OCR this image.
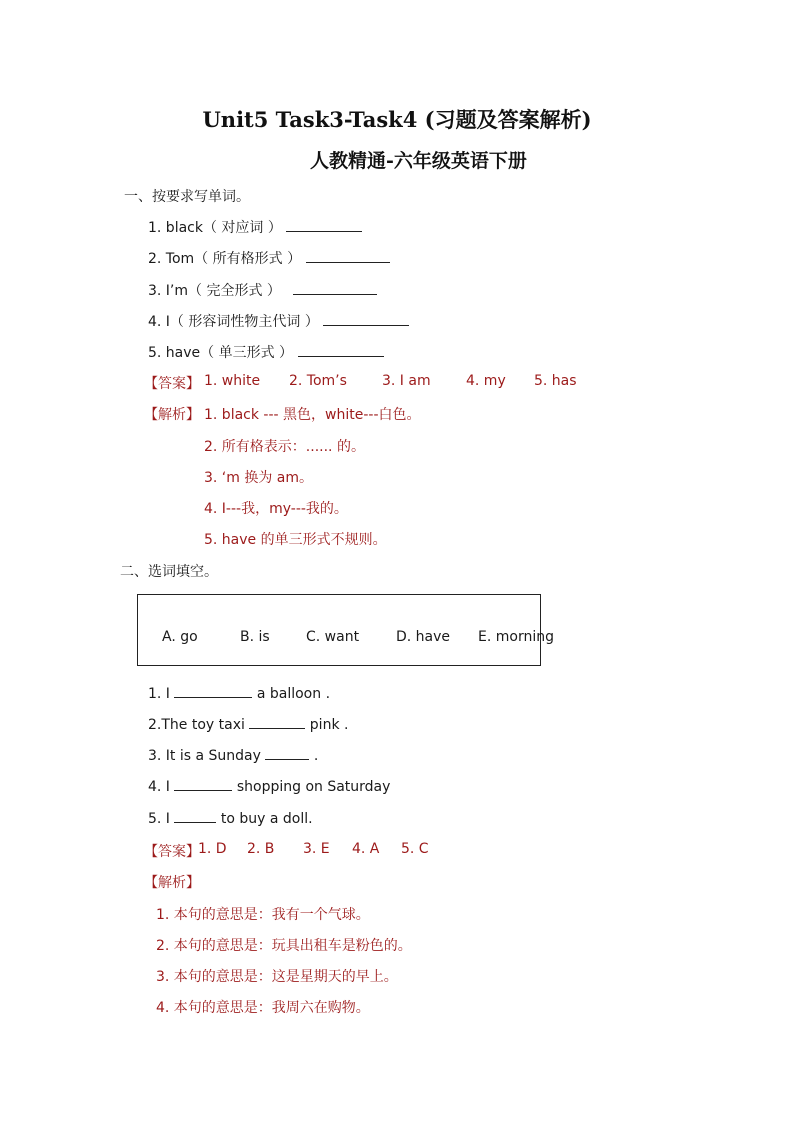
Unit5 Task3-Task4 (习题及答案解析)
人教精通-六年级英语下册
一、按要求写单词。
1. black（ 对应词 ）
2. Tom（ 所有格形式 ）
3. I’m（ 完全形式 ）
4. I（ 形容词性物主代词 ）
5. have（ 单三形式 ）
【答案】 1. white 2. Tom’s	3. I am	4. my 5. has
【解析】 1. black --- 黑色，white---白色。
2. 所有格表示：...... 的。
3. ‘m 换为 am。
4. I---我，my---我的。
5. have 的单三形式不规则。
二、选词填空。
A. go	B. is	C. want	D. have E. morning
1. I	a balloon .
2.The toy taxi	pink .
3. It is a Sunday	.
4. I	shopping on Saturday
5. I	to buy a doll.
【答案】
1. D 2. B 3. E 4. A 5. C
【解析】
1. 本句的意思是：我有一个气球。
2. 本句的意思是：玩具出租车是粉色的。
3. 本句的意思是：这是星期天的早上。
4. 本句的意思是：我周六在购物。
